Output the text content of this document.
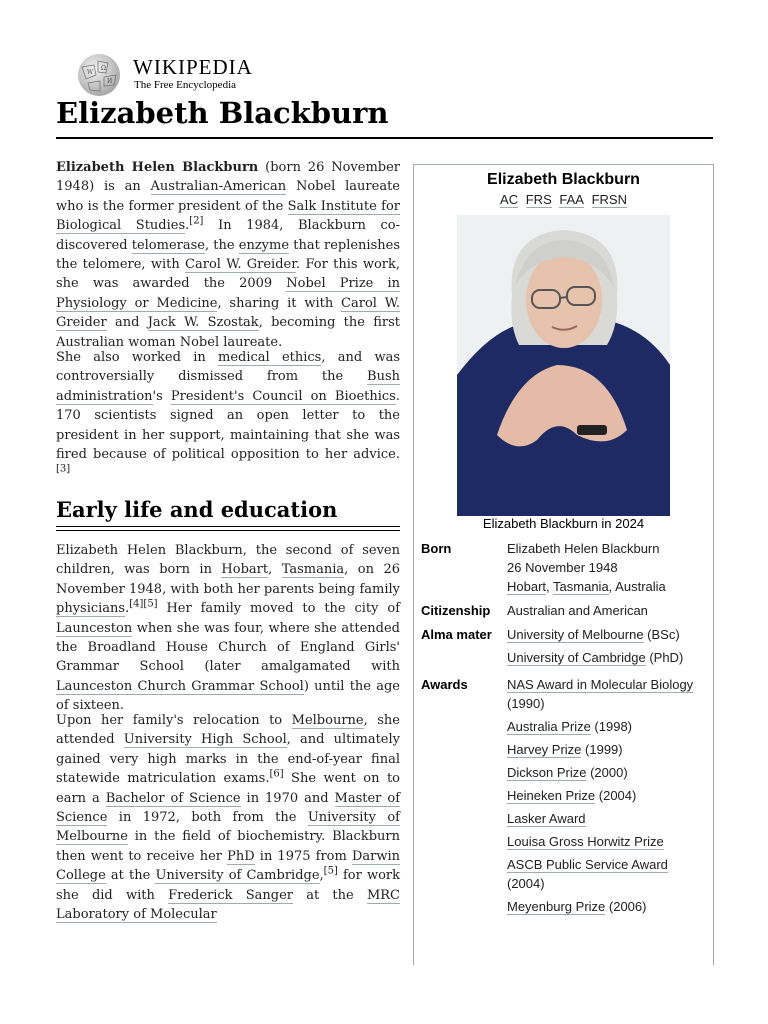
W
Ω
И
WIKIPEDIA
The Free Encyclopedia
Elizabeth Blackburn

Elizabeth Helen Blackburn (born 26 November 1948) is an Australian-American Nobel laureate who is the former president of the Salk Institute for Biological Studies.[2] In 1984, Blackburn co-discovered telomerase, the enzyme that replenishes the telomere, with Carol W. Greider. For this work, she was awarded the 2009 Nobel Prize in Physiology or Medicine, sharing it with Carol W. Greider and Jack W. Szostak, becoming the first Australian woman Nobel laureate.

She also worked in medical ethics, and was controversially dismissed from the Bush administration's President's Council on Bioethics. 170 scientists signed an open letter to the president in her support, maintaining that she was fired because of political opposition to her advice.[3]

Early life and education

Elizabeth Helen Blackburn, the second of seven children, was born in Hobart, Tasmania, on 26 November 1948, with both her parents being family physicians.[4][5] Her family moved to the city of Launceston when she was four, where she attended the Broadland House Church of England Girls' Grammar School (later amalgamated with Launceston Church Grammar School) until the age of sixteen.

Upon her family's relocation to Melbourne, she attended University High School, and ultimately gained very high marks in the end-of-year final statewide matriculation exams.[6] She went on to earn a Bachelor of Science in 1970 and Master of Science in 1972, both from the University of Melbourne in the field of biochemistry. Blackburn then went to receive her PhD in 1975 from Darwin College at the University of Cambridge,[5] for work she did with Frederick Sanger at the MRC Laboratory of Molecular

Elizabeth Blackburn
AC FRS FAA FRSN
Elizabeth Blackburn in 2024
Born	Elizabeth Helen Blackburn
26 November 1948
Hobart, Tasmania, Australia
Citizenship	Australian and American
Alma mater	University of Melbourne (BSc)
University of Cambridge (PhD)
Awards	NAS Award in Molecular Biology (1990)
Australia Prize (1998)
Harvey Prize (1999)
Dickson Prize (2000)
Heineken Prize (2004)
Lasker Award
Louisa Gross Horwitz Prize
ASCB Public Service Award (2004)
Meyenburg Prize (2006)
